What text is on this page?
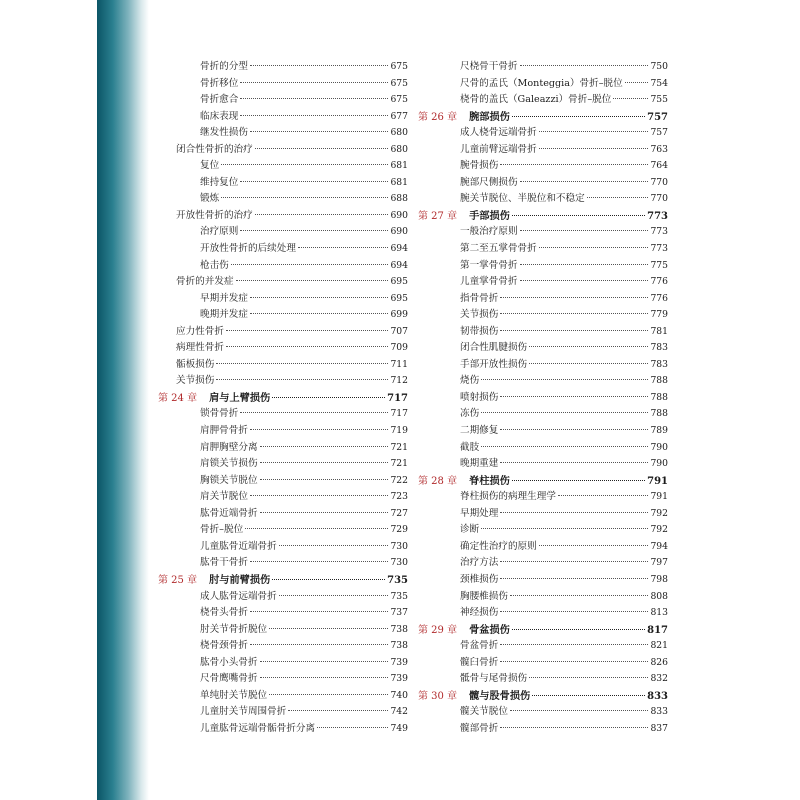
骨折的分型	675
骨折移位	675
骨折愈合	675
临床表现	677
继发性损伤	680
闭合性骨折的治疗	680
复位	681
维持复位	681
锻炼	688
开放性骨折的治疗	690
治疗原则	690
开放性骨折的后续处理	694
枪击伤	694
骨折的并发症	695
早期并发症	695
晚期并发症	699
应力性骨折	707
病理性骨折	709
骺板损伤	711
关节损伤	712
第 24 章 肩与上臂损伤	717
锁骨骨折	717
肩胛骨骨折	719
肩胛胸壁分离	721
肩锁关节损伤	721
胸锁关节脱位	722
肩关节脱位	723
肱骨近端骨折	727
骨折–脱位	729
儿童肱骨近端骨折	730
肱骨干骨折	730
第 25 章 肘与前臂损伤	735
成人肱骨远端骨折	735
桡骨头骨折	737
肘关节骨折脱位	738
桡骨颈骨折	738
肱骨小头骨折	739
尺骨鹰嘴骨折	739
单纯肘关节脱位	740
儿童肘关节周围骨折	742
儿童肱骨远端骨骺骨折分离	749
尺桡骨干骨折	750
尺骨的孟氏（Monteggia）骨折–脱位	754
桡骨的盖氏（Galeazzi）骨折–脱位	755
第 26 章 腕部损伤	757
成人桡骨远端骨折	757
儿童前臂远端骨折	763
腕骨损伤	764
腕部尺侧损伤	770
腕关节脱位、半脱位和不稳定	770
第 27 章 手部损伤	773
一般治疗原则	773
第二至五掌骨骨折	773
第一掌骨骨折	775
儿童掌骨骨折	776
指骨骨折	776
关节损伤	779
韧带损伤	781
闭合性肌腱损伤	783
手部开放性损伤	783
烧伤	788
喷射损伤	788
冻伤	788
二期修复	789
截肢	790
晚期重建	790
第 28 章 脊柱损伤	791
脊柱损伤的病理生理学	791
早期处理	792
诊断	792
确定性治疗的原则	794
治疗方法	797
颈椎损伤	798
胸腰椎损伤	808
神经损伤	813
第 29 章 骨盆损伤	817
骨盆骨折	821
髋臼骨折	826
骶骨与尾骨损伤	832
第 30 章 髋与股骨损伤	833
髋关节脱位	833
髋部骨折	837
